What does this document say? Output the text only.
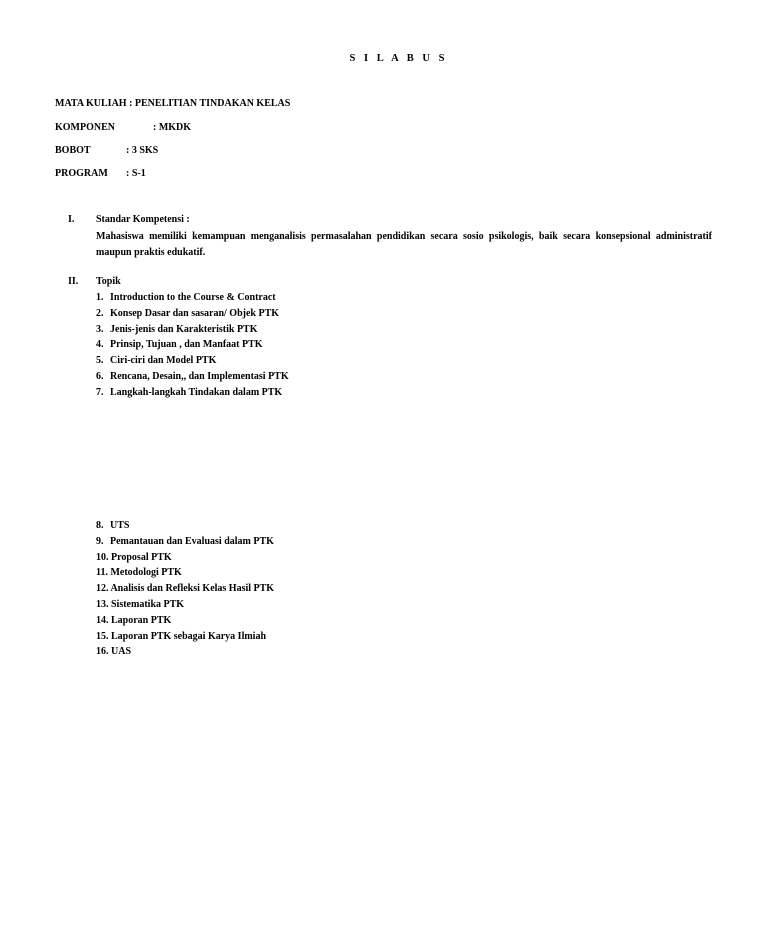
S I L A B U S
MATA KULIAH : PENELITIAN TINDAKAN KELAS
KOMPONEN	: MKDK
BOBOT	: 3 SKS
PROGRAM : S-1
I. Standar Kompetensi :
Mahasiswa memiliki kemampuan menganalisis permasalahan pendidikan secara sosio psikologis, baik secara konsepsional administratif maupun praktis edukatif.
II. Topik
1. Introduction to the Course & Contract
2. Konsep Dasar dan sasaran/ Objek PTK
3. Jenis-jenis dan Karakteristik PTK
4. Prinsip, Tujuan , dan Manfaat PTK
5. Ciri-ciri dan Model PTK
6. Rencana, Desain,, dan Implementasi PTK
7. Langkah-langkah Tindakan dalam PTK
8. UTS
9. Pemantauan dan Evaluasi dalam PTK
10. Proposal PTK
11. Metodologi PTK
12. Analisis dan Refleksi Kelas Hasil PTK
13. Sistematika PTK
14. Laporan PTK
15. Laporan PTK sebagai Karya Ilmiah
16. UAS
